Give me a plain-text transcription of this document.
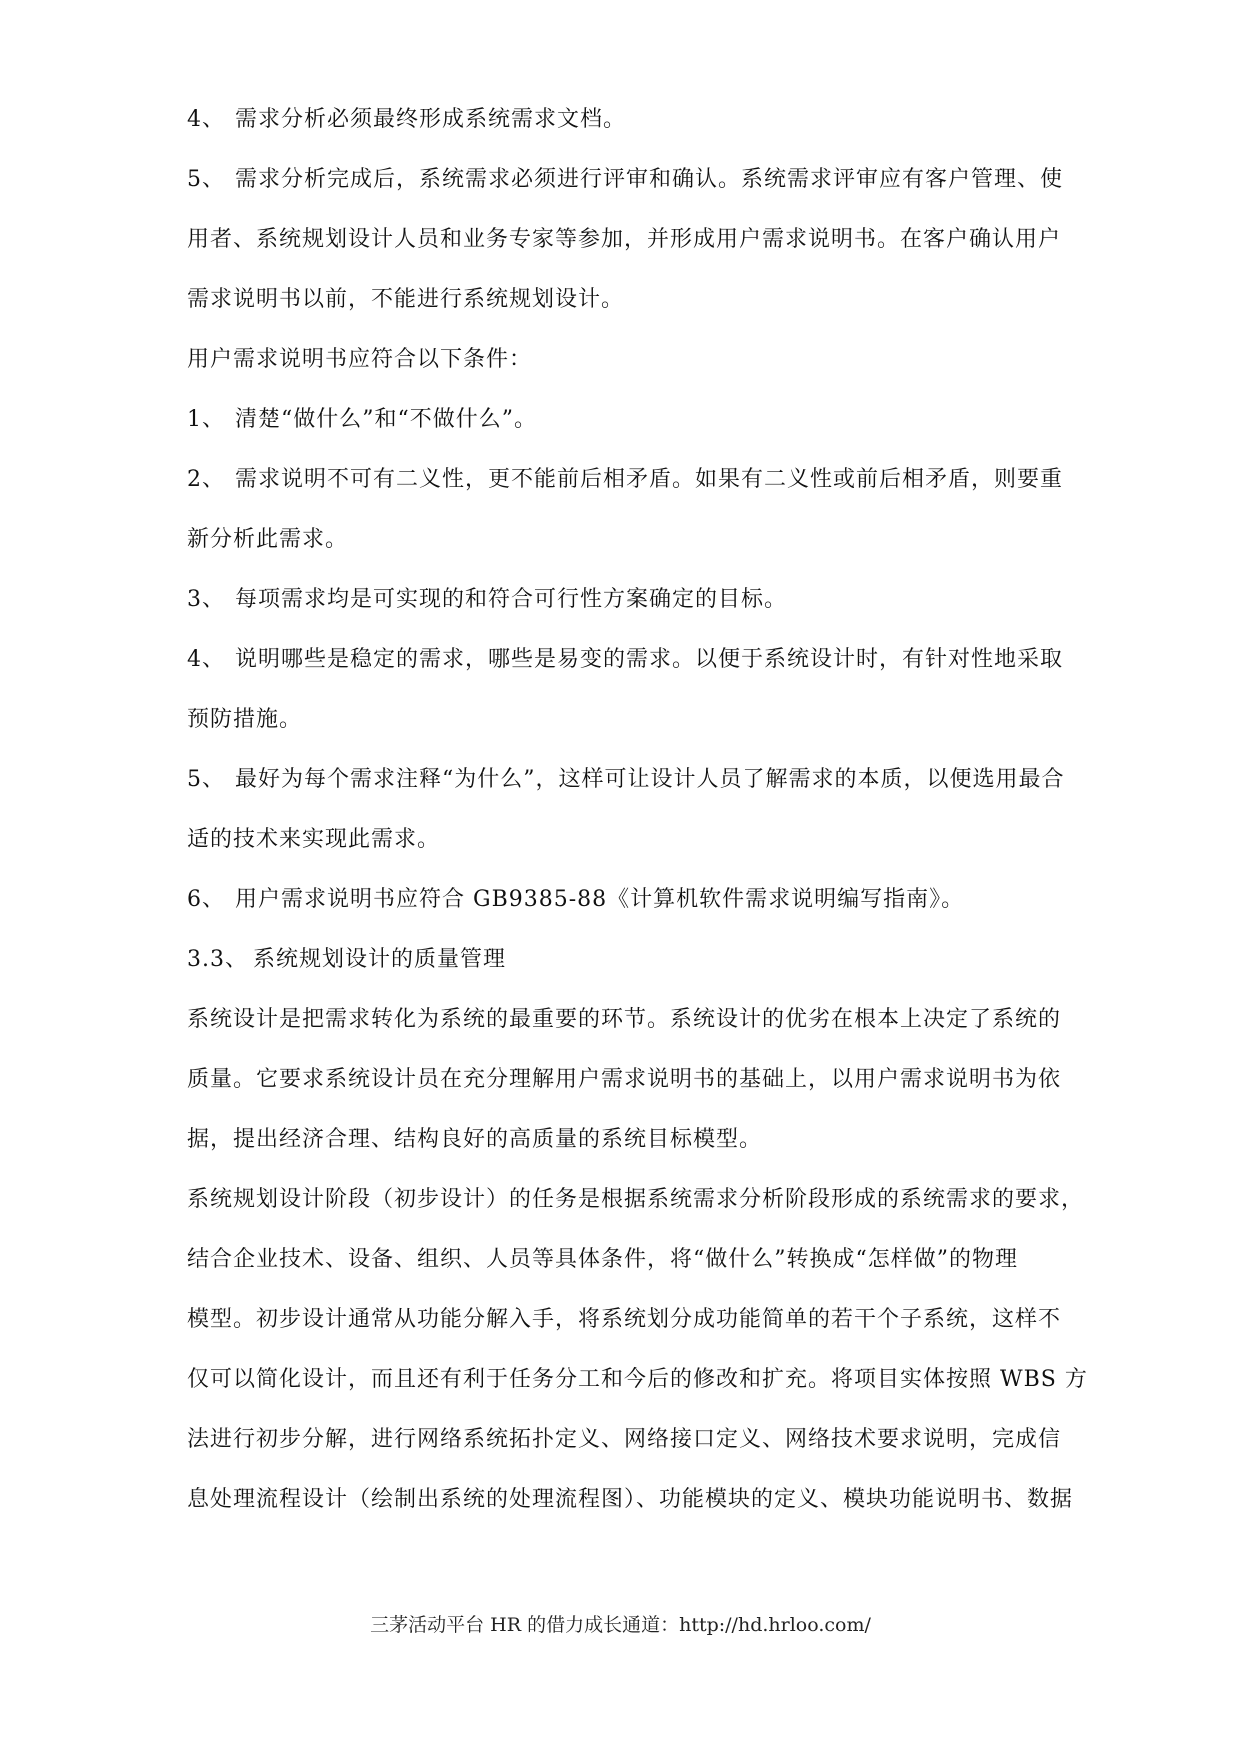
4、 需求分析必须最终形成系统需求文档。

5、 需求分析完成后，系统需求必须进行评审和确认。系统需求评审应有客户管理、使

用者、系统规划设计人员和业务专家等参加，并形成用户需求说明书。在客户确认用户

需求说明书以前，不能进行系统规划设计。

用户需求说明书应符合以下条件：

1、 清楚“做什么”和“不做什么”。

2、 需求说明不可有二义性，更不能前后相矛盾。如果有二义性或前后相矛盾，则要重

新分析此需求。

3、 每项需求均是可实现的和符合可行性方案确定的目标。

4、 说明哪些是稳定的需求，哪些是易变的需求。以便于系统设计时，有针对性地采取

预防措施。

5、 最好为每个需求注释“为什么”，这样可让设计人员了解需求的本质，以便选用最合

适的技术来实现此需求。

6、 用户需求说明书应符合 GB9385-88《计算机软件需求说明编写指南》。

3.3、 系统规划设计的质量管理

系统设计是把需求转化为系统的最重要的环节。系统设计的优劣在根本上决定了系统的

质量。它要求系统设计员在充分理解用户需求说明书的基础上，以用户需求说明书为依

据，提出经济合理、结构良好的高质量的系统目标模型。

系统规划设计阶段（初步设计）的任务是根据系统需求分析阶段形成的系统需求的要求，

结合企业技术、设备、组织、人员等具体条件，将“做什么”转换成“怎样做”的物理

模型。初步设计通常从功能分解入手，将系统划分成功能简单的若干个子系统，这样不

仅可以简化设计，而且还有利于任务分工和今后的修改和扩充。将项目实体按照 WBS 方

法进行初步分解，进行网络系统拓扑定义、网络接口定义、网络技术要求说明，完成信

息处理流程设计（绘制出系统的处理流程图）、功能模块的定义、模块功能说明书、数据

三茅活动平台 HR 的借力成长通道：http://hd.hrloo.com/
